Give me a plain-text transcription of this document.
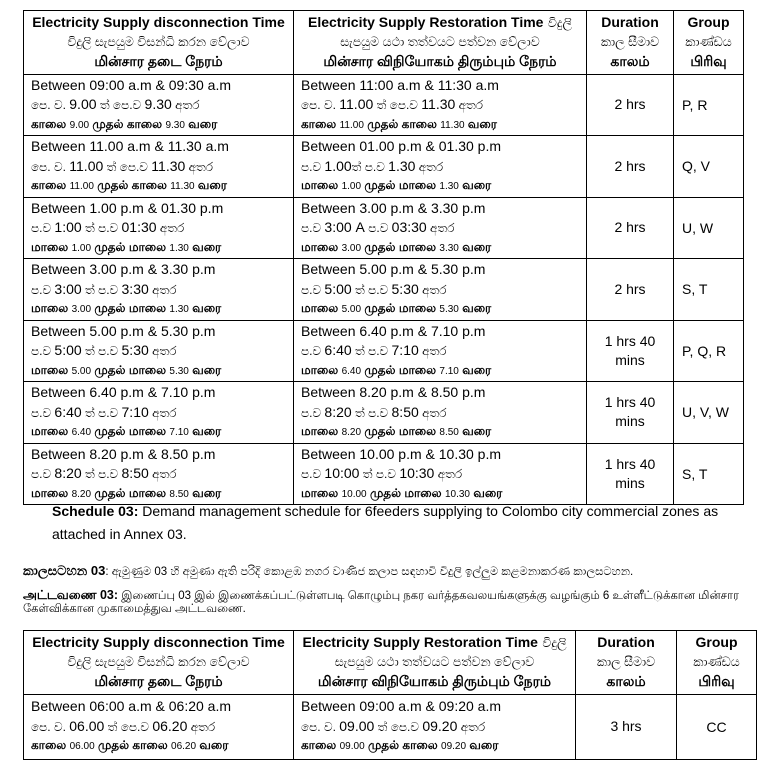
Electricity Supply disconnection Time
විදුලි සැපයුම විසන්ධි කරන වේලාව
மின்சார தடை நேரம்	Electricity Supply Restoration Time විදුලි
සැපයුම යථා තත්වයට පත්වන වේලාව
மின்சார விநியோகம் திரும்பும் நேரம்	Duration
කාල සීමාව
காலம்	Group
කාණ්ඩය
பிரிவு

Between 09:00 a.m & 09:30 a.m
පෙ. ව. 9.00 ත් පෙ.ව 9.30 අතර
காலை 9.00 முதல் காலை 9.30 வரை	Between 11:00 a.m & 11:30 a.m
පෙ. ව. 11.00 ත් පෙ.ව 11.30 අතර
காலை 11.00 முதல் காலை 11.30 வரை	2 hrs	P, R

Between 11.00 a.m & 11.30 a.m
පෙ. ව. 11.00 ත් පෙ.ව 11.30 අතර
காலை 11.00 முதல் காலை 11.30 வரை	Between 01.00 p.m & 01.30 p.m
ප.ව 1.00ත් ප.ව 1.30 අතර
மாலை 1.00 முதல் மாலை 1.30 வரை	2 hrs	Q, V

Between 1.00 p.m & 01.30 p.m
ප.ව 1:00 ත් ප.ව 01:30 අතර
மாலை 1.00 முதல் மாலை 1.30 வரை	Between 3.00 p.m & 3.30 p.m
ප.ව 3:00 A ප.ව 03:30 අතර
மாலை 3.00 முதல் மாலை 3.30 வரை	2 hrs	U, W

Between 3.00 p.m & 3.30 p.m
ප.ව 3:00 ත් ප.ව 3:30 අතර
மாலை 3.00 முதல் மாலை 1.30 வரை	Between 5.00 p.m & 5.30 p.m
ප.ව 5:00 ත් ප.ව 5:30 අතර
மாலை 5.00 முதல் மாலை 5.30 வரை	2 hrs	S, T

Between 5.00 p.m & 5.30 p.m
ප.ව 5:00 ත් ප.ව 5:30 අතර
மாலை 5.00 முதல் மாலை 5.30 வரை	Between 6.40 p.m & 7.10 p.m
ප.ව 6:40 ත් ප.ව 7:10 අතර
மாலை 6.40 முதல் மாலை 7.10 வரை	1 hrs 40 mins	P, Q, R

Between 6.40 p.m & 7.10 p.m
ප.ව 6:40 ත් ප.ව 7:10 අතර
மாலை 6.40 முதல் மாலை 7.10 வரை	Between 8.20 p.m & 8.50 p.m
ප.ව 8:20 ත් ප.ව 8:50 අතර
மாலை 8.20 முதல் மாலை 8.50 வரை	1 hrs 40 mins	U, V, W

Between 8.20 p.m & 8.50 p.m
ප.ව 8:20 ත් ප.ව 8:50 අතර
மாலை 8.20 முதல் மாலை 8.50 வரை	Between 10.00 p.m & 10.30 p.m
ප.ව 10:00 ත් ප.ව 10:30 අතර
மாலை 10.00 முதல் மாலை 10.30 வரை	1 hrs 40 mins	S, T
Schedule 03: Demand management schedule for 6feeders supplying to Colombo city commercial zones as attached in Annex 03.
කාලසටහන 03: ඇමුණුම 03 හි අමුණා ඇති පරිදි කොළඹ නගර වාණිජ කලාප සඳහාවි විදුලි ඉල්ලුම කළමනාකරණ කාලසටහන.
அட்டவணை 03: இணைப்பு 03 இல் இணைக்கப்பட்டுள்ளபடி கொழும்பு நகர வர்த்தகவலயங்களுக்கு வழங்கும் 6 உள்ளீட்டுக்கான மின்சார கேள்விக்கான முகாமைத்துவ அட்டவணை.
Electricity Supply disconnection Time
විදුලි සැපයුම විසන්ධි කරන වේලාව
மின்சார தடை நேரம்	Electricity Supply Restoration Time විදුලි
සැපයුම යථා තත්වයට පත්වන වේලාව
மின்சார விநியோகம் திரும்பும் நேரம்	Duration
කාල සීමාව
காலம்	Group
කාණ්ඩය
பிரிவு

Between 06:00 a.m & 06:20 a.m
පෙ. ව. 06.00 ත් පෙ.ව 06.20 අතර
காலை 06.00 முதல் காலை 06.20 வரை	Between 09:00 a.m & 09:20 a.m
පෙ. ව. 09.00 ත් පෙ.ව 09.20 අතර
காலை 09.00 முதல் காலை 09.20 வரை	3 hrs	CC
